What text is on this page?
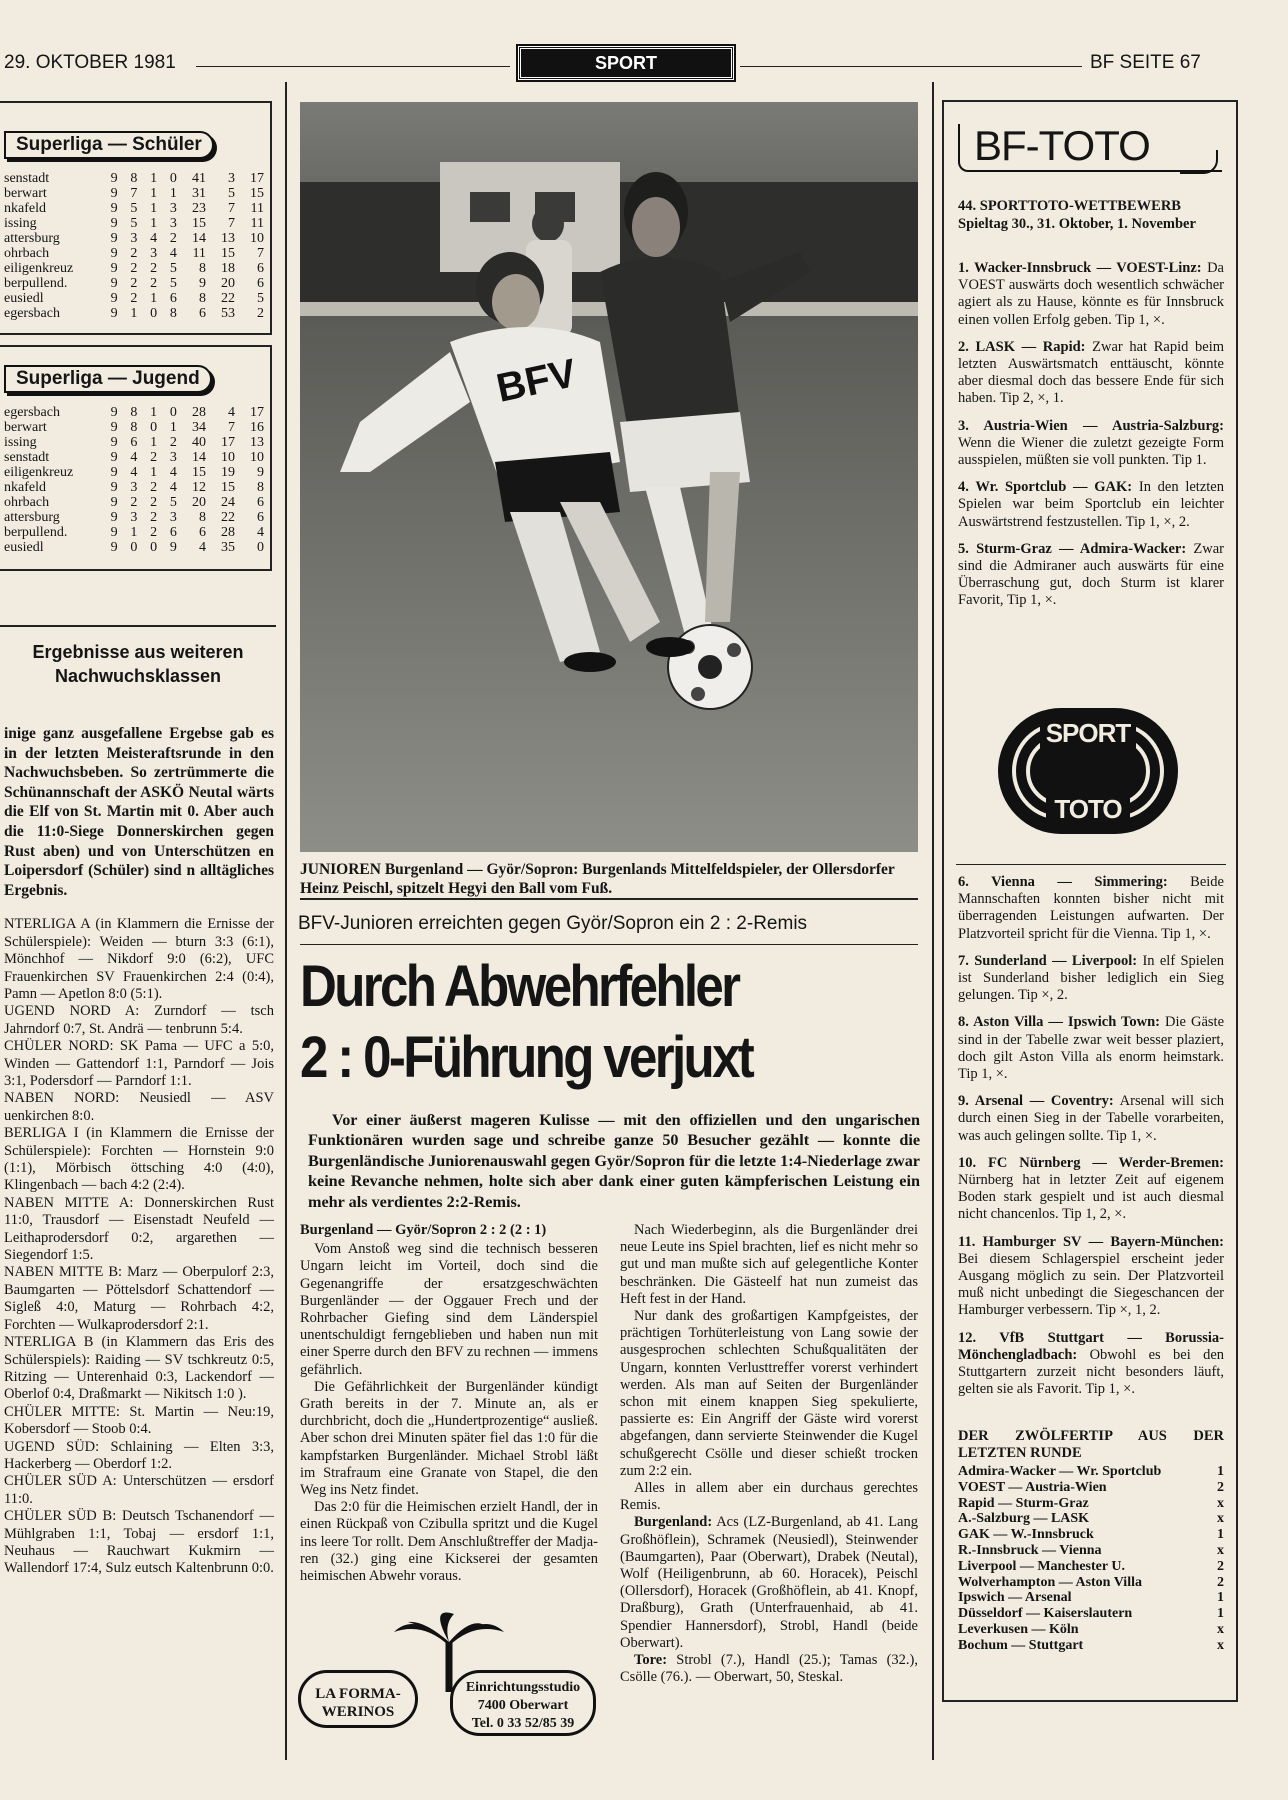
29. OKTOBER 1981	SPORT	BF SEITE 67
Superliga — Schüler
senstadt	9	8	1	0	41	3	17
berwart	9	7	1	1	31	5	15
nkafeld	9	5	1	3	23	7	11
issing	9	5	1	3	15	7	11
attersburg	9	3	4	2	14	13	10
ohrbach	9	2	3	4	11	15	7
eiligenkreuz	9	2	2	5	8	18	6
berpullend.	9	2	2	5	9	20	6
eusiedl	9	2	1	6	8	22	5
egersbach	9	1	0	8	6	53	2
Superliga — Jugend
egersbach	9	8	1	0	28	4	17
berwart	9	8	0	1	34	7	16
issing	9	6	1	2	40	17	13
senstadt	9	4	2	3	14	10	10
eiligenkreuz	9	4	1	4	15	19	9
nkafeld	9	3	2	4	12	15	8
ohrbach	9	2	2	5	20	24	6
attersburg	9	3	2	3	8	22	6
berpullend.	9	1	2	6	6	28	4
eusiedl	9	0	0	9	4	35	0
Ergebnisse aus weiteren Nachwuchsklassen

inige ganz ausgefallene Ergebse gab es in der letzten Meisteraftsrunde in den Nachwuchsbeben. So zertrümmerte die Schünannschaft der ASKÖ Neutal wärts die Elf von St. Martin mit 0. Aber auch die 11:0-Siege Donnerskirchen gegen Rust aben) und von Unterschützen en Loipersdorf (Schüler) sind n alltägliches Ergebnis.

NTERLIGA A (in Klammern die Ernisse der Schülerspiele): Weiden — bturn 3:3 (6:1), Mönchhof — Nikdorf 9:0 (6:2), UFC Frauenkirchen SV Frauenkirchen 2:4 (0:4), Pamn — Apetlon 8:0 (5:1).
UGEND NORD A: Zurndorf — tsch Jahrndorf 0:7, St. Andrä — tenbrunn 5:4.
CHÜLER NORD: SK Pama — UFC a 5:0, Winden — Gattendorf 1:1, Parndorf — Jois 3:1, Podersdorf — Parndorf 1:1.
NABEN NORD: Neusiedl — ASV uenkirchen 8:0.
BERLIGA I (in Klammern die Ernisse der Schülerspiele): Forchten — Hornstein 9:0 (1:1), Mörbisch öttsching 4:0 (4:0), Klingenbach — bach 4:2 (2:4).
NABEN MITTE A: Donnerskirchen Rust 11:0, Trausdorf — Eisenstadt Neufeld — Leithaprodersdorf 0:2, argarethen — Siegendorf 1:5.
NABEN MITTE B: Marz — Oberpulorf 2:3, Baumgarten — Pöttelsdorf Schattendorf — Sigleß 4:0, Maturg — Rohrbach 4:2, Forchten — Wulkaprodersdorf 2:1.
NTERLIGA B (in Klammern das Eris des Schülerspiels): Raiding — SV tschkreutz 0:5, Ritzing — Unterenhaid 0:3, Lackendorf — Oberlof 0:4, Draßmarkt — Nikitsch 1:0 ).
CHÜLER MITTE: St. Martin — Neu:19, Kobersdorf — Stoob 0:4.
UGEND SÜD: Schlaining — Elten 3:3, Hackerberg — Oberdorf 1:2.
CHÜLER SÜD A: Unterschützen — ersdorf 11:0.
CHÜLER SÜD B: Deutsch Tschanendorf — Mühlgraben 1:1, Tobaj — ersdorf 1:1, Neuhaus — Rauchwart Kukmirn — Wallendorf 17:4, Sulz eutsch Kaltenbrunn 0:0.
BFV
JUNIOREN Burgenland — Györ/Sopron: Burgenlands Mittelfeldspieler, der Ollersdorfer Heinz Peischl, spitzelt Hegyi den Ball vom Fuß.
BFV-Junioren erreichten gegen Györ/Sopron ein 2 : 2-Remis
Durch Abwehrfehler
2 : 0-Führung verjuxt
Vor einer äußerst mageren Kulisse — mit den offiziellen und den ungarischen Funktionären wurden sage und schreibe ganze 50 Besucher gezählt — konnte die Burgenländische Juniorenauswahl gegen Györ/Sopron für die letzte 1:4-Niederlage zwar keine Revanche nehmen, holte sich aber dank einer guten kämpferischen Leistung ein mehr als verdientes 2:2-Remis.
Burgenland — Györ/Sopron 2 : 2 (2 : 1)
Vom Anstoß weg sind die technisch besseren Ungarn leicht im Vorteil, doch sind die Gegenangriffe der ersatzgeschwächten Burgenländer — der Oggauer Frech und der Rohrbacher Giefing sind dem Länderspiel unentschuldigt ferngeblieben und haben nun mit einer Sperre durch den BFV zu rechnen — immens gefährlich.
Die Gefährlichkeit der Burgenländer kündigt Grath bereits in der 7. Minute an, als er durchbricht, doch die „Hundertprozentige“ ausließ. Aber schon drei Minuten später fiel das 1:0 für die kampfstarken Burgenländer. Michael Strobl läßt im Strafraum eine Granate von Stapel, die den Weg ins Netz findet.
Das 2:0 für die Heimischen erzielt Handl, der in einen Rückpaß von Czibulla spritzt und die Kugel ins leere Tor rollt. Dem Anschlußtreffer der Madjaren (32.) ging eine Kickserei der gesamten heimischen Abwehr voraus.
Nach Wiederbeginn, als die Burgenländer drei neue Leute ins Spiel brachten, lief es nicht mehr so gut und man mußte sich auf gelegentliche Konter beschränken. Die Gästeelf hat nun zumeist das Heft fest in der Hand.
Nur dank des großartigen Kampfgeistes, der prächtigen Torhüterleistung von Lang sowie der ausgesprochen schlechten Schußqualitäten der Ungarn, konnten Verlusttreffer vorerst verhindert werden. Als man auf Seiten der Burgenländer schon mit einem knappen Sieg spekulierte, passierte es: Ein Angriff der Gäste wird vorerst abgefangen, dann servierte Steinwender die Kugel schußgerecht Csölle und dieser schießt trocken zum 2:2 ein.
Alles in allem aber ein durchaus gerechtes Remis.
Burgenland: Acs (LZ-Burgenland, ab 41. Lang Großhöflein), Schramek (Neusiedl), Steinwender (Baumgarten), Paar (Oberwart), Drabek (Neutal), Wolf (Heiligenbrunn, ab 60. Horacek), Peischl (Ollersdorf), Horacek (Großhöflein, ab 41. Knopf, Draßburg), Grath (Unterfrauenhaid, ab 41. Spendier Hannersdorf), Strobl, Handl (beide Oberwart).
Tore: Strobl (7.), Handl (25.); Tamas (32.), Csölle (76.). — Oberwart, 50, Steskal.
LA FORMA-
WERINOS
Einrichtungsstudio
7400 Oberwart
Tel. 0 33 52/85 39
BF-TOTO
44. SPORTTOTO-WETTBEWERB
Spieltag 30., 31. Oktober, 1. November
1. Wacker-Innsbruck — VOEST-Linz: Da VOEST auswärts doch wesentlich schwächer agiert als zu Hause, könnte es für Innsbruck einen vollen Erfolg geben. Tip 1, ×.
2. LASK — Rapid: Zwar hat Rapid beim letzten Auswärtsmatch enttäuscht, könnte aber diesmal doch das bessere Ende für sich haben. Tip 2, ×, 1.
3. Austria-Wien — Austria-Salzburg: Wenn die Wiener die zuletzt gezeigte Form ausspielen, müßten sie voll punkten. Tip 1.
4. Wr. Sportclub — GAK: In den letzten Spielen war beim Sportclub ein leichter Auswärtstrend festzustellen. Tip 1, ×, 2.
5. Sturm-Graz — Admira-Wacker: Zwar sind die Admiraner auch auswärts für eine Überraschung gut, doch Sturm ist klarer Favorit, Tip 1, ×.
SPORT
TOTO
6. Vienna — Simmering: Beide Mannschaften konnten bisher nicht mit überragenden Leistungen aufwarten. Der Platzvorteil spricht für die Vienna. Tip 1, ×.
7. Sunderland — Liverpool: In elf Spielen ist Sunderland bisher lediglich ein Sieg gelungen. Tip ×, 2.
8. Aston Villa — Ipswich Town: Die Gäste sind in der Tabelle zwar weit besser plaziert, doch gilt Aston Villa als enorm heimstark. Tip 1, ×.
9. Arsenal — Coventry: Arsenal will sich durch einen Sieg in der Tabelle vorarbeiten, was auch gelingen sollte. Tip 1, ×.
10. FC Nürnberg — Werder-Bremen: Nürnberg hat in letzter Zeit auf eigenem Boden stark gespielt und ist auch diesmal nicht chancenlos. Tip 1, 2, ×.
11. Hamburger SV — Bayern-München: Bei diesem Schlagerspiel erscheint jeder Ausgang möglich zu sein. Der Platzvorteil muß nicht unbedingt die Siegeschancen der Hamburger verbessern. Tip ×, 1, 2.
12. VfB Stuttgart — Borussia-Mönchengladbach: Obwohl es bei den Stuttgartern zurzeit nicht besonders läuft, gelten sie als Favorit. Tip 1, ×.
DER ZWÖLFERTIP AUS DER LETZTEN RUNDE
Admira-Wacker — Wr. Sportclub	1
VOEST — Austria-Wien	2
Rapid — Sturm-Graz	x
A.-Salzburg — LASK	x
GAK — W.-Innsbruck	1
R.-Innsbruck — Vienna	x
Liverpool — Manchester U.	2
Wolverhampton — Aston Villa	2
Ipswich — Arsenal	1
Düsseldorf — Kaiserslautern	1
Leverkusen — Köln	x
Bochum — Stuttgart	x
